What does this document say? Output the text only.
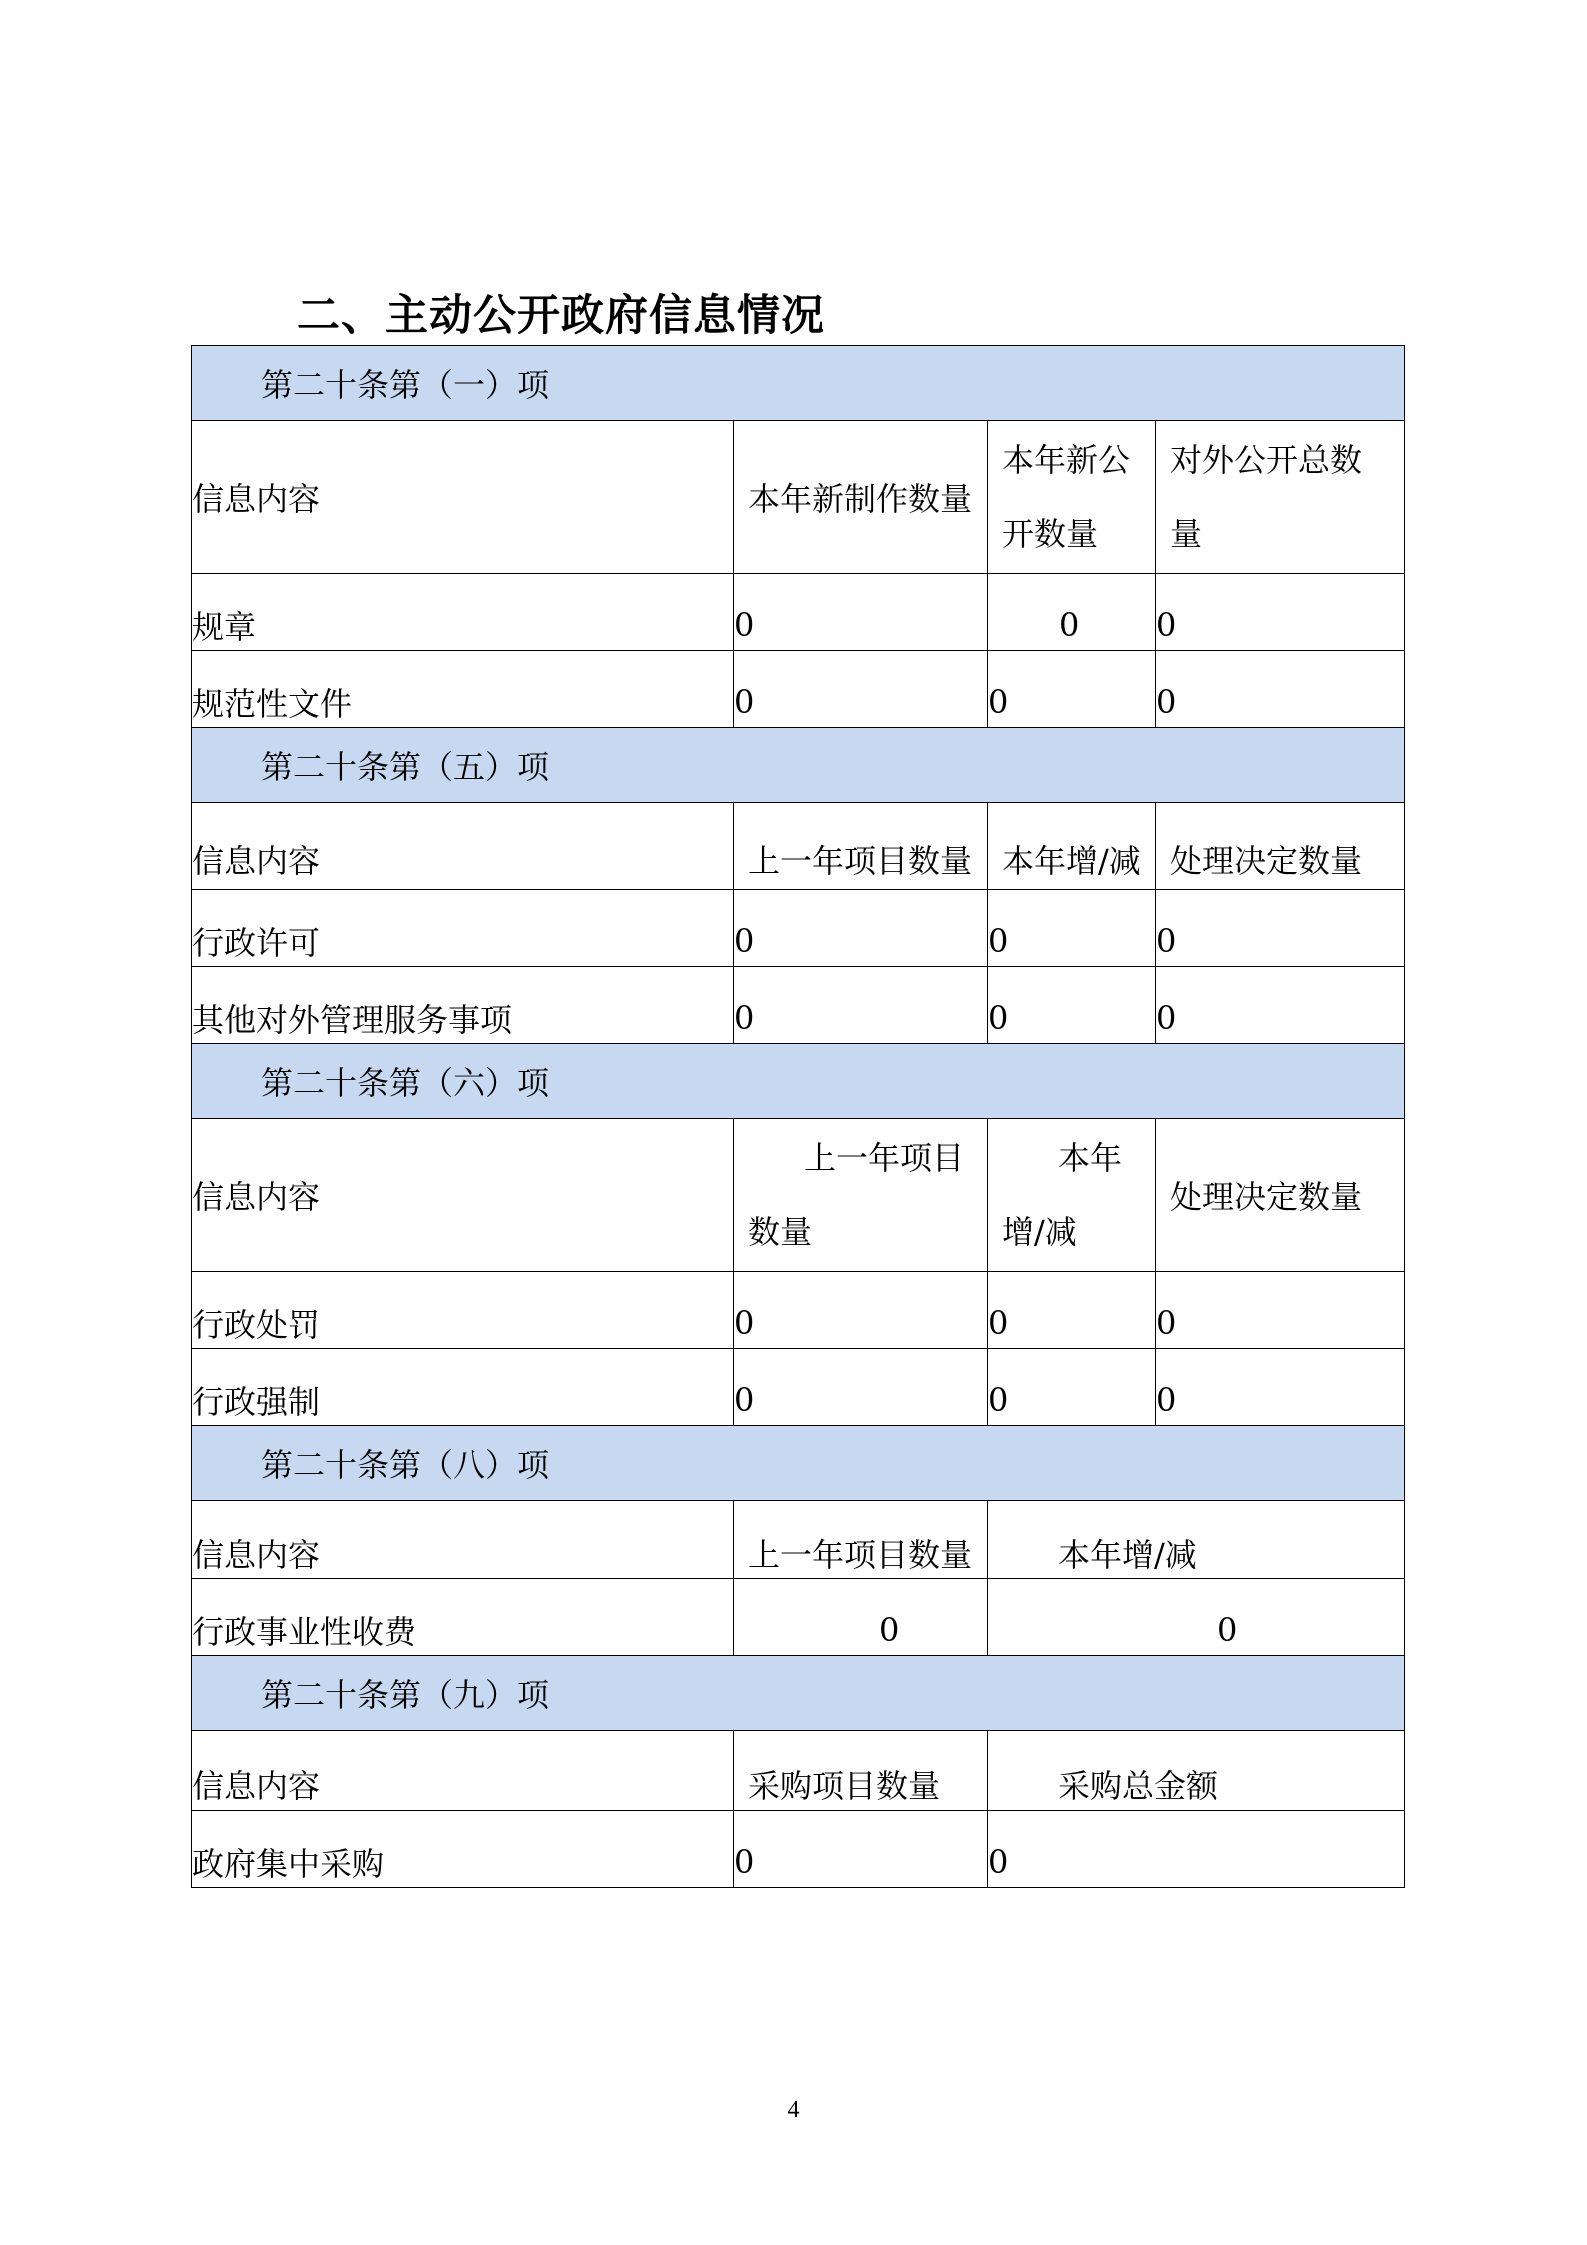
二、主动公开政府信息情况
第二十条第（一）项			
信息内容	本年新制作数量	本年新公开数量	对外公开总数量
规章	0	0	0
规范性文件	0	0	0
第二十条第（五）项			
信息内容	上一年项目数量	本年增/减	处理决定数量
行政许可	0	0	0
其他对外管理服务事项	0	0	0
第二十条第（六）项			
信息内容	上一年项目数量	本年增/减	处理决定数量
行政处罚	0	0	0
行政强制	0	0	0
第二十条第（八）项			
信息内容	上一年项目数量	本年增/减	
行政事业性收费	0	0	
第二十条第（九）项			
信息内容	采购项目数量	采购总金额	
政府集中采购	0	0	
4
